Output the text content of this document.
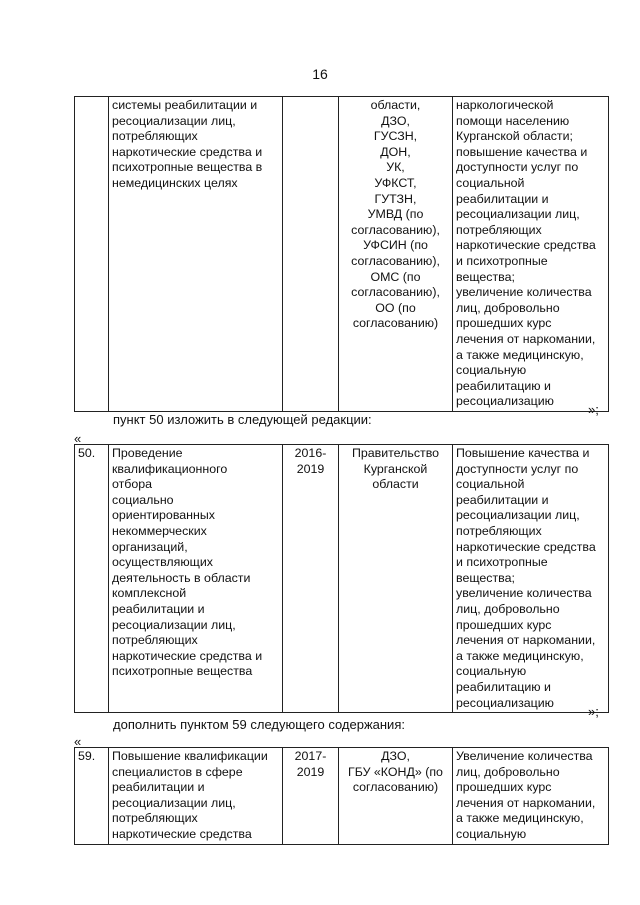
16
	системы реабилитации и
ресоциализации лиц,
потребляющих
наркотические средства и
психотропные вещества в
немедицинских целях		области,
ДЗО,
ГУСЗН,
ДОН,
УК,
УФКСТ,
ГУТЗН,
УМВД (по
согласованию),
УФСИН (по
согласованию),
ОМС (по
согласованию),
ОО (по
согласованию)	наркологической
помощи населению
Курганской области;
повышение качества и
доступности услуг по
социальной
реабилитации и
ресоциализации лиц,
потребляющих
наркотические средства
и психотропные
вещества;
увеличение количества
лиц, добровольно
прошедших курс
лечения от наркомании,
а также медицинскую,
социальную
реабилитацию и
ресоциализацию
»;
пункт 50 изложить в следующей редакции:
«
50.	Проведение
квалификационного
отбора
социально
ориентированных
некоммерческих
организаций,
осуществляющих
деятельность в области
комплексной
реабилитации и
ресоциализации лиц,
потребляющих
наркотические средства и
психотропные вещества	2016-
2019	Правительство
Курганской
области	Повышение качества и
доступности услуг по
социальной
реабилитации и
ресоциализации лиц,
потребляющих
наркотические средства
и психотропные
вещества;
увеличение количества
лиц, добровольно
прошедших курс
лечения от наркомании,
а также медицинскую,
социальную
реабилитацию и
ресоциализацию
»;
дополнить пунктом 59 следующего содержания:
«
59.	Повышение квалификации
специалистов в сфере
реабилитации и
ресоциализации лиц,
потребляющих
наркотические средства	2017-
2019	ДЗО,
ГБУ «КОНД» (по
согласованию)	Увеличение количества
лиц, добровольно
прошедших курс
лечения от наркомании,
а также медицинскую,
социальную
